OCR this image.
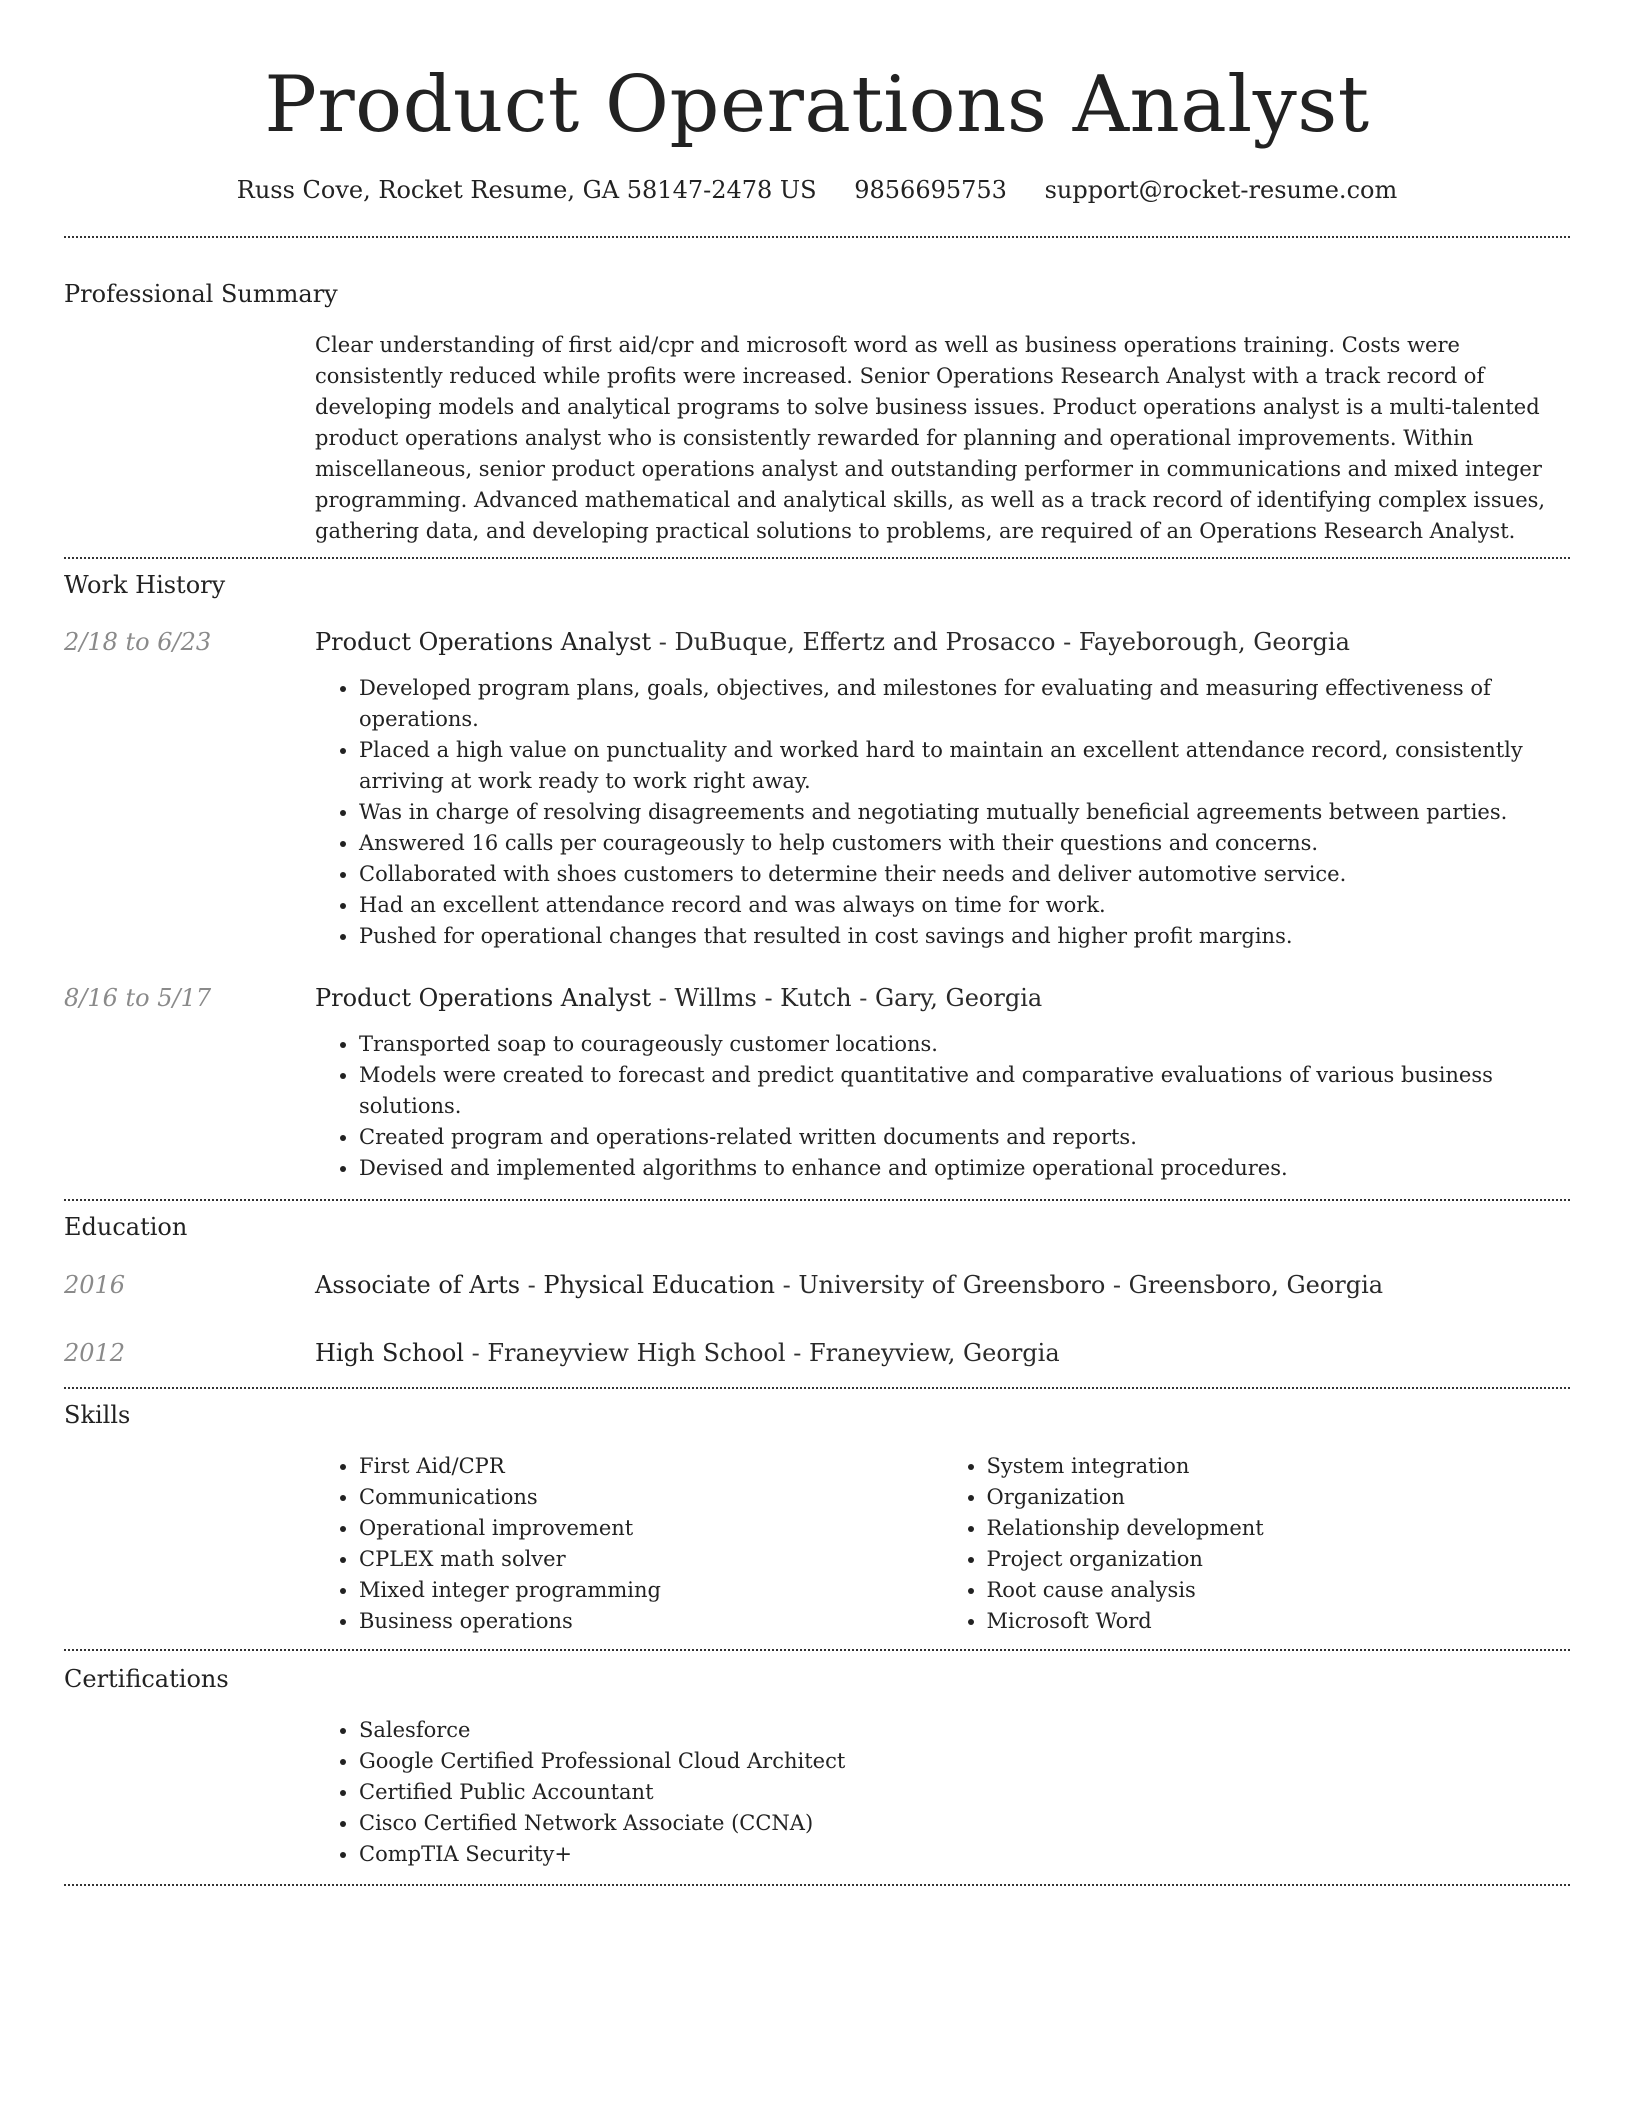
Product Operations Analyst
Russ Cove, Rocket Resume, GA 58147-2478 US 9856695753 support@rocket-resume.com
Professional Summary
Clear understanding of first aid/cpr and microsoft word as well as business operations training. Costs were consistently reduced while profits were increased. Senior Operations Research Analyst with a track record of developing models and analytical programs to solve business issues. Product operations analyst is a multi-talented product operations analyst who is consistently rewarded for planning and operational improvements. Within miscellaneous, senior product operations analyst and outstanding performer in communications and mixed integer programming. Advanced mathematical and analytical skills, as well as a track record of identifying complex issues, gathering data, and developing practical solutions to problems, are required of an Operations Research Analyst.
Work History
2/18 to 6/23	Product Operations Analyst - DuBuque, Effertz and Prosacco - Fayeborough, Georgia
• Developed program plans, goals, objectives, and milestones for evaluating and measuring effectiveness of operations.
• Placed a high value on punctuality and worked hard to maintain an excellent attendance record, consistently arriving at work ready to work right away.
• Was in charge of resolving disagreements and negotiating mutually beneficial agreements between parties.
• Answered 16 calls per courageously to help customers with their questions and concerns.
• Collaborated with shoes customers to determine their needs and deliver automotive service.
• Had an excellent attendance record and was always on time for work.
• Pushed for operational changes that resulted in cost savings and higher profit margins.
8/16 to 5/17	Product Operations Analyst - Willms - Kutch - Gary, Georgia
• Transported soap to courageously customer locations.
• Models were created to forecast and predict quantitative and comparative evaluations of various business solutions.
• Created program and operations-related written documents and reports.
• Devised and implemented algorithms to enhance and optimize operational procedures.
Education
2016	Associate of Arts - Physical Education - University of Greensboro - Greensboro, Georgia
2012	High School - Franeyview High School - Franeyview, Georgia
Skills
• First Aid/CPR
• Communications
• Operational improvement
• CPLEX math solver
• Mixed integer programming
• Business operations
• System integration
• Organization
• Relationship development
• Project organization
• Root cause analysis
• Microsoft Word
Certifications
• Salesforce
• Google Certified Professional Cloud Architect
• Certified Public Accountant
• Cisco Certified Network Associate (CCNA)
• CompTIA Security+
